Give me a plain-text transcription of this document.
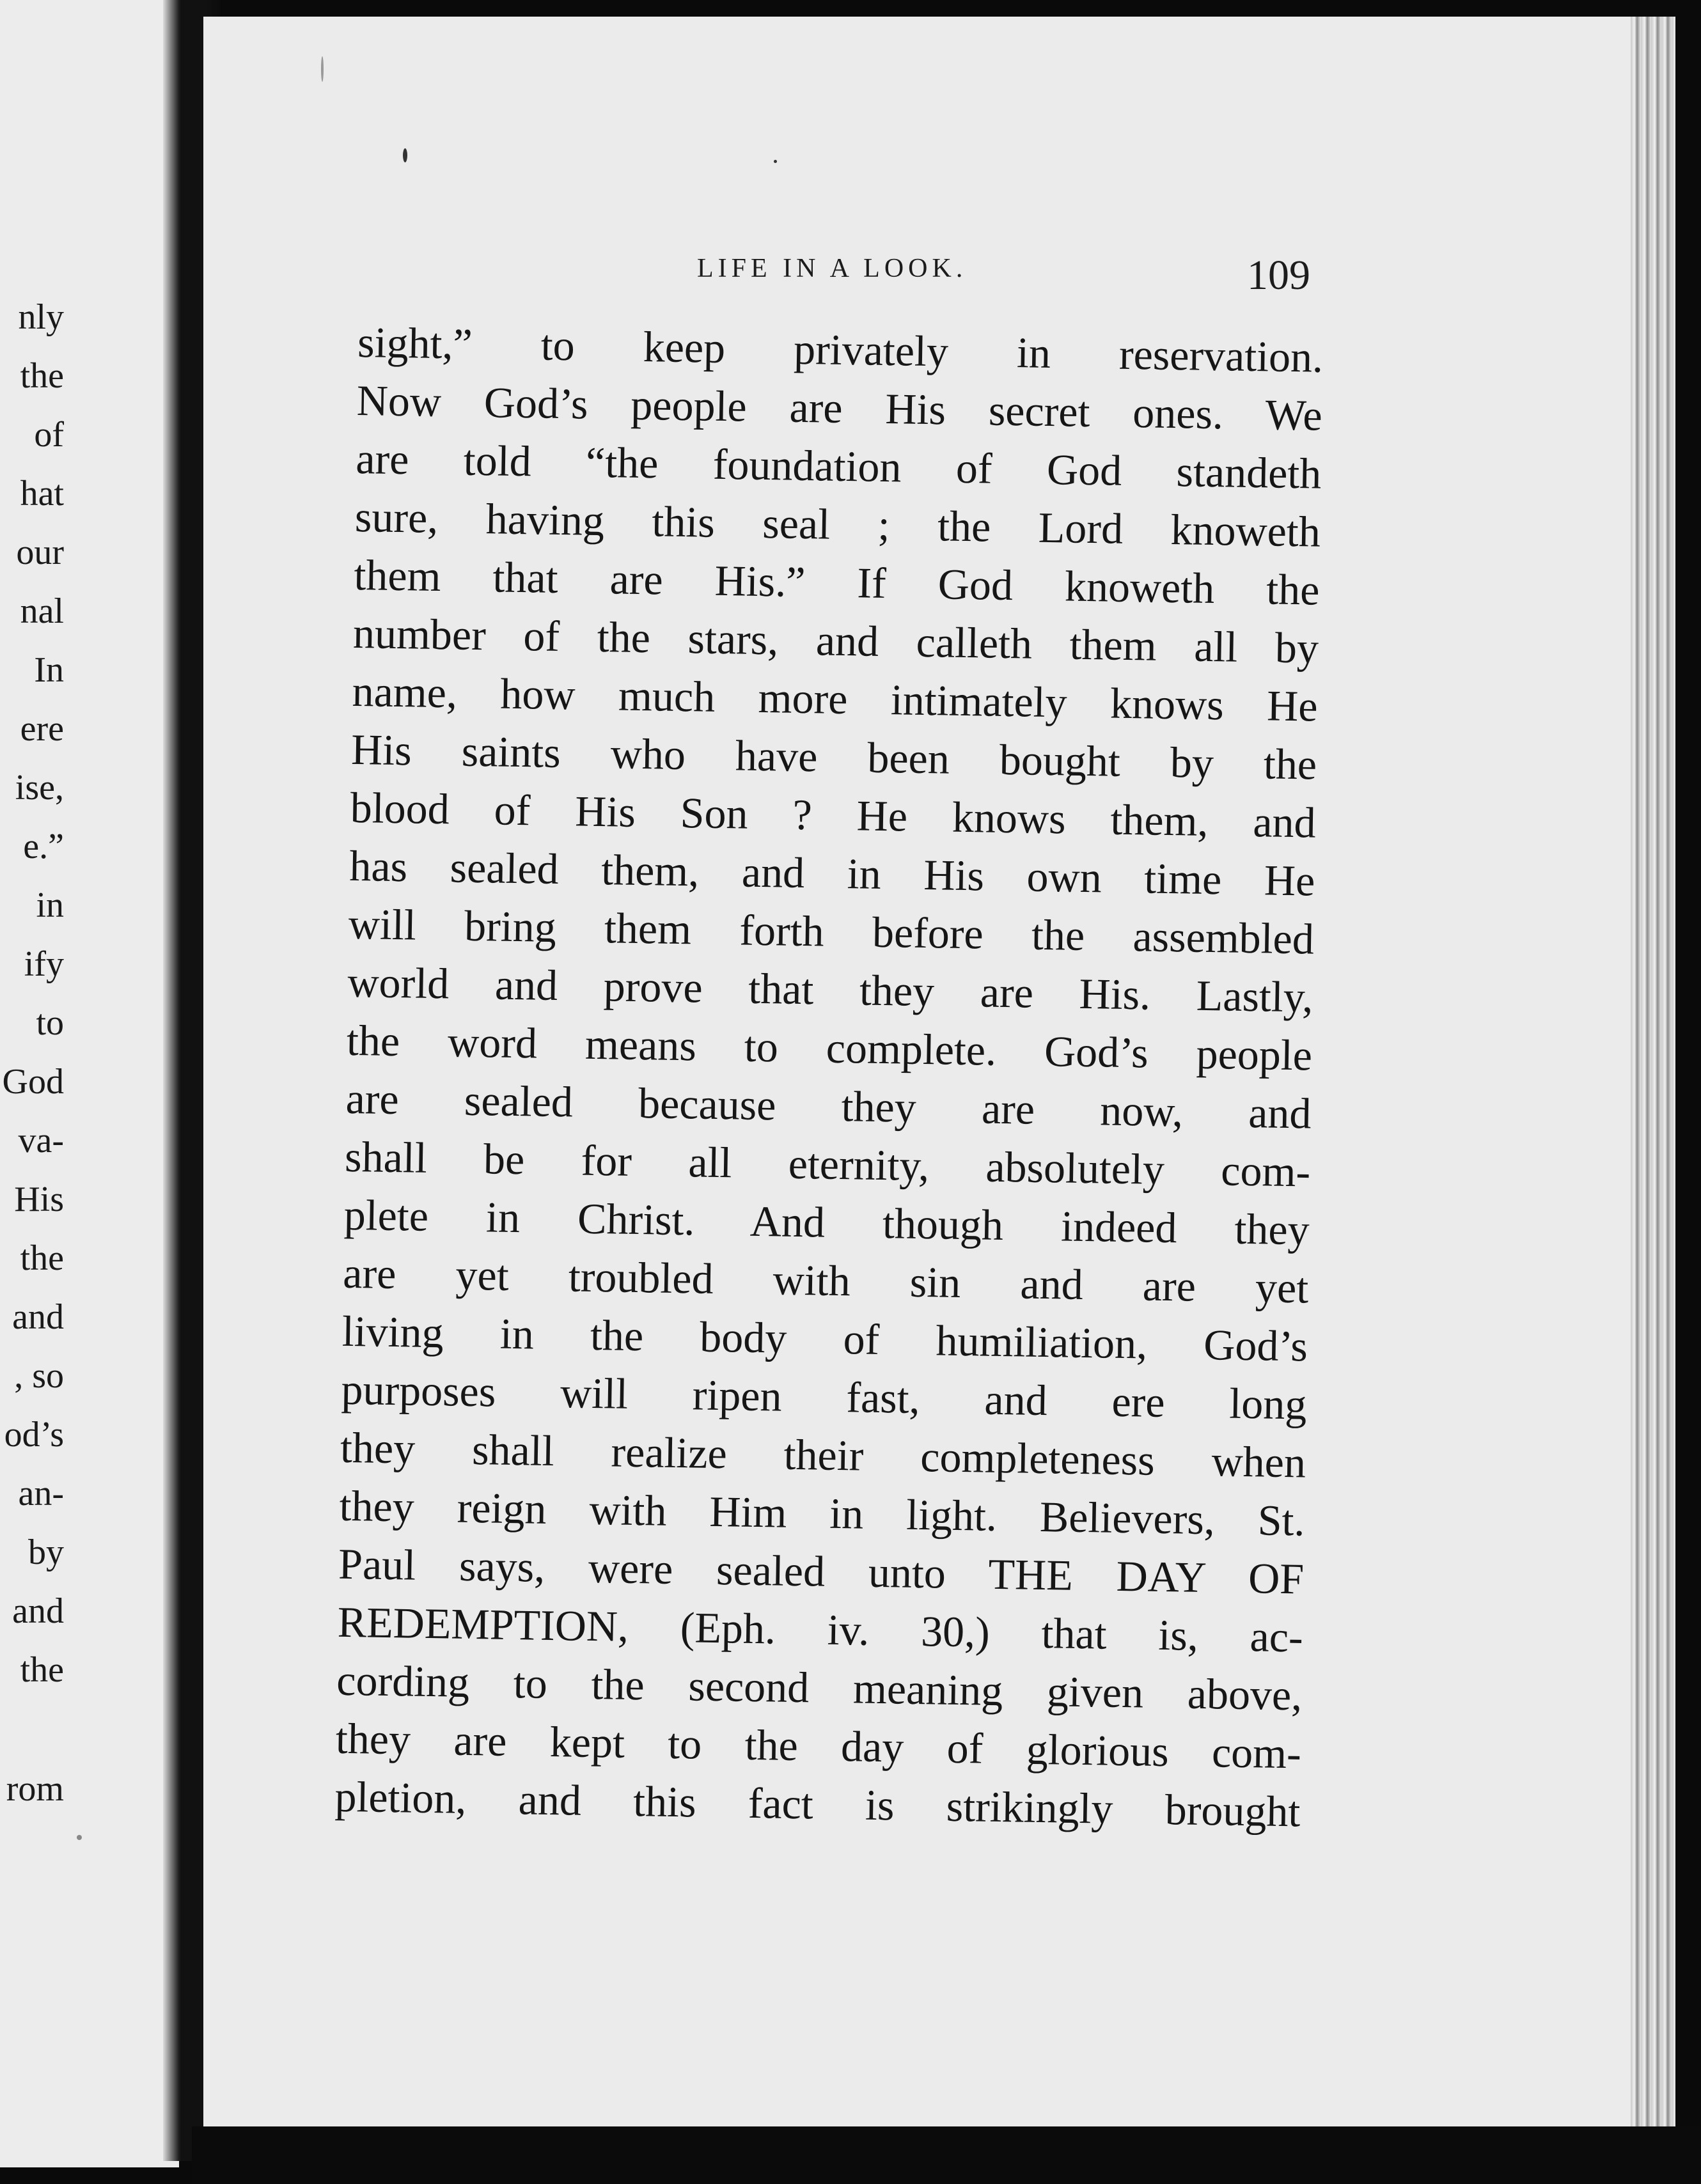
nly
the
of
hat
our
nal
In
ere
ise,
e.”
in
ify
to
God
va-
His
the
and
, so
od’s
an-
by
and
the
rom
LIFE IN A LOOK.	109
sight,” to keep privately in reservation.
Now God’s people are His secret ones. We
are told “the foundation of God standeth
sure, having this seal ; the Lord knoweth
them that are His.” If God knoweth the
number of the stars, and calleth them all by
name, how much more intimately knows He
His saints who have been bought by the
blood of His Son ? He knows them, and
has sealed them, and in His own time He
will bring them forth before the assembled
world and prove that they are His. Lastly,
the word means to complete. God’s people
are sealed because they are now, and
shall be for all eternity, absolutely com-
plete in Christ. And though indeed they
are yet troubled with sin and are yet
living in the body of humiliation, God’s
purposes will ripen fast, and ere long
they shall realize their completeness when
they reign with Him in light. Believers, St.
Paul says, were sealed unto THE DAY OF
REDEMPTION, (Eph. iv. 30,) that is, ac-
cording to the second meaning given above,
they are kept to the day of glorious com-
pletion, and this fact is strikingly brought
